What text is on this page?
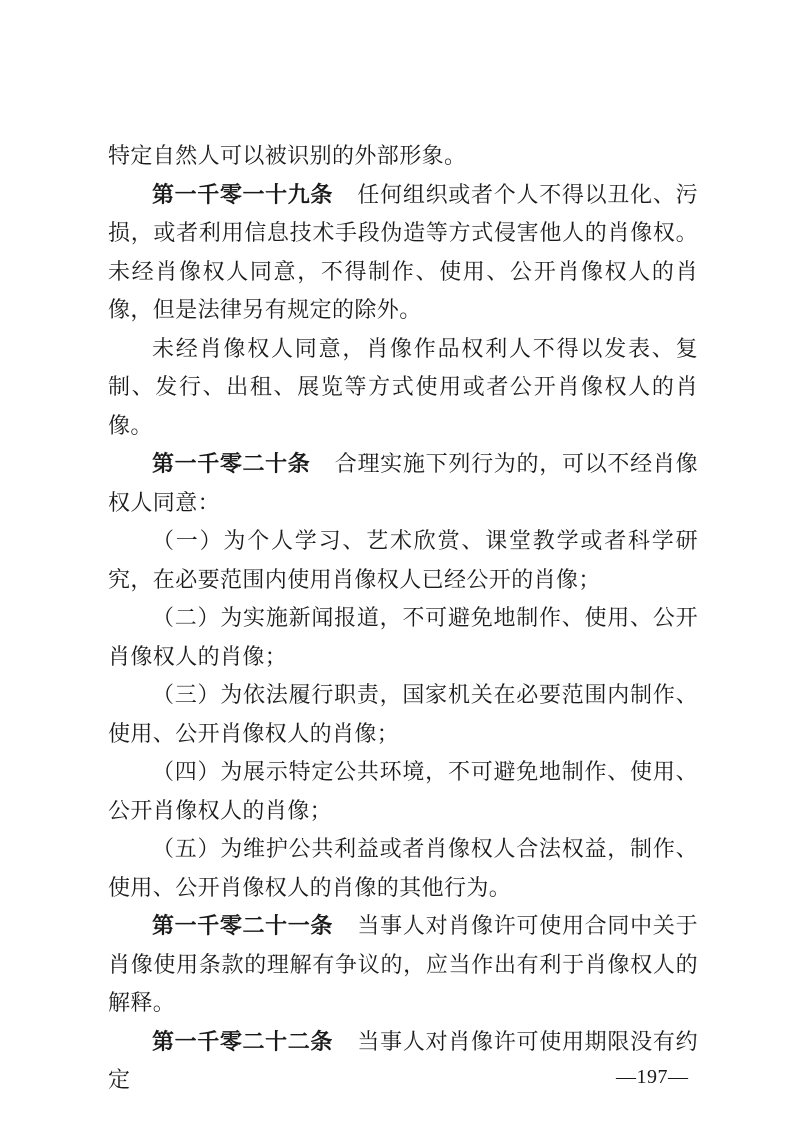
特定自然人可以被识别的外部形象。

第一千零一十九条 任何组织或者个人不得以丑化、污损，或者利用信息技术手段伪造等方式侵害他人的肖像权。未经肖像权人同意，不得制作、使用、公开肖像权人的肖像，但是法律另有规定的除外。

未经肖像权人同意，肖像作品权利人不得以发表、复制、发行、出租、展览等方式使用或者公开肖像权人的肖像。

第一千零二十条 合理实施下列行为的，可以不经肖像权人同意：

（一）为个人学习、艺术欣赏、课堂教学或者科学研究，在必要范围内使用肖像权人已经公开的肖像；

（二）为实施新闻报道，不可避免地制作、使用、公开肖像权人的肖像；

（三）为依法履行职责，国家机关在必要范围内制作、使用、公开肖像权人的肖像；

（四）为展示特定公共环境，不可避免地制作、使用、公开肖像权人的肖像；

（五）为维护公共利益或者肖像权人合法权益，制作、使用、公开肖像权人的肖像的其他行为。

第一千零二十一条 当事人对肖像许可使用合同中关于肖像使用条款的理解有争议的，应当作出有利于肖像权人的解释。

第一千零二十二条 当事人对肖像许可使用期限没有约定	—197—
